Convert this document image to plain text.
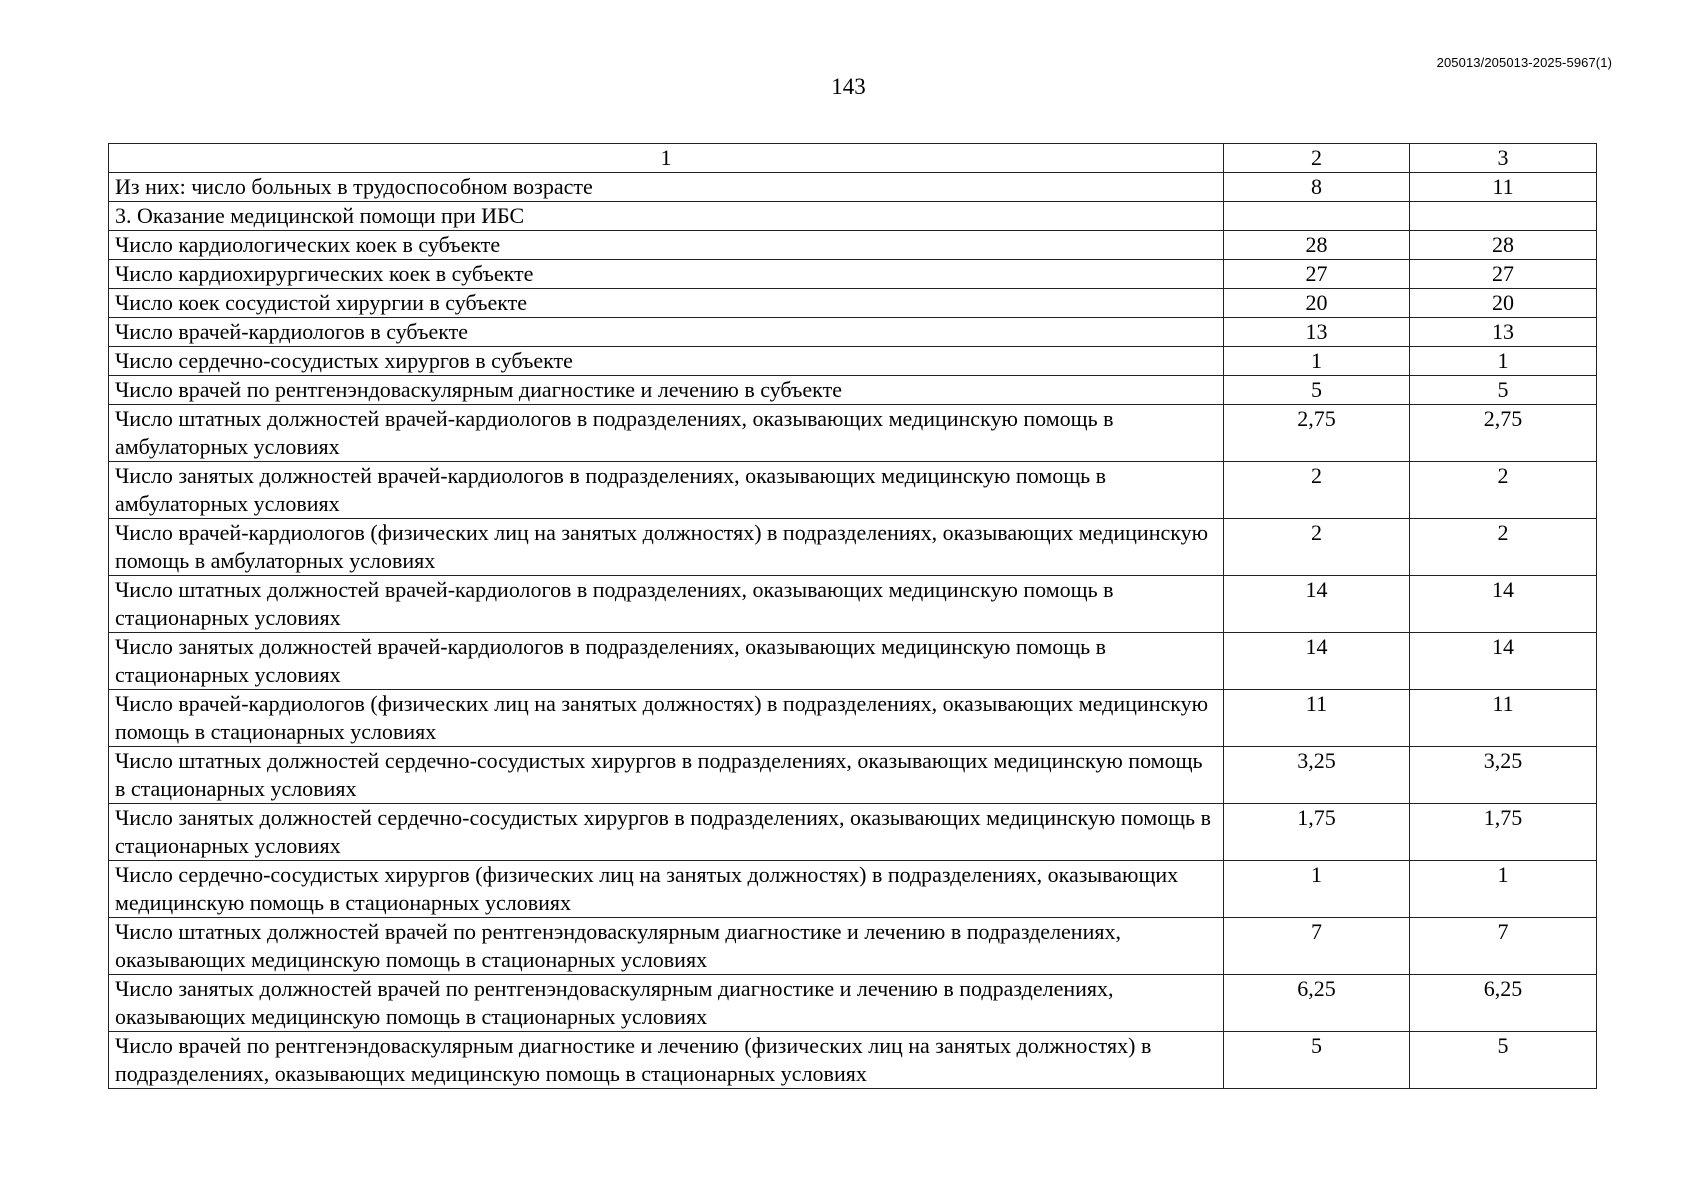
205013/205013-2025-5967(1)
143
1	2	3
Из них: число больных в трудоспособном возрасте	8	11
3. Оказание медицинской помощи при ИБС		
Число кардиологических коек в субъекте	28	28
Число кардиохирургических коек в субъекте	27	27
Число коек сосудистой хирургии в субъекте	20	20
Число врачей-кардиологов в субъекте	13	13
Число сердечно-сосудистых хирургов в субъекте	1	1
Число врачей по рентгенэндоваскулярным диагностике и лечению в субъекте	5	5
Число штатных должностей врачей-кардиологов в подразделениях, оказывающих медицинскую помощь в амбулаторных условиях	2,75	2,75
Число занятых должностей врачей-кардиологов в подразделениях, оказывающих медицинскую помощь в амбулаторных условиях	2	2
Число врачей-кардиологов (физических лиц на занятых должностях) в подразделениях, оказывающих медицинскую помощь в амбулаторных условиях	2	2
Число штатных должностей врачей-кардиологов в подразделениях, оказывающих медицинскую помощь в стационарных условиях	14	14
Число занятых должностей врачей-кардиологов в подразделениях, оказывающих медицинскую помощь в стационарных условиях	14	14
Число врачей-кардиологов (физических лиц на занятых должностях) в подразделениях, оказывающих медицинскую помощь в стационарных условиях	11	11
Число штатных должностей сердечно-сосудистых хирургов в подразделениях, оказывающих медицинскую помощь в стационарных условиях	3,25	3,25
Число занятых должностей сердечно-сосудистых хирургов в подразделениях, оказывающих медицинскую помощь в стационарных условиях	1,75	1,75
Число сердечно-сосудистых хирургов (физических лиц на занятых должностях) в подразделениях, оказывающих медицинскую помощь в стационарных условиях	1	1
Число штатных должностей врачей по рентгенэндоваскулярным диагностике и лечению в подразделениях, оказывающих медицинскую помощь в стационарных условиях	7	7
Число занятых должностей врачей по рентгенэндоваскулярным диагностике и лечению в подразделениях, оказывающих медицинскую помощь в стационарных условиях	6,25	6,25
Число врачей по рентгенэндоваскулярным диагностике и лечению (физических лиц на занятых должностях) в подразделениях, оказывающих медицинскую помощь в стационарных условиях	5	5
